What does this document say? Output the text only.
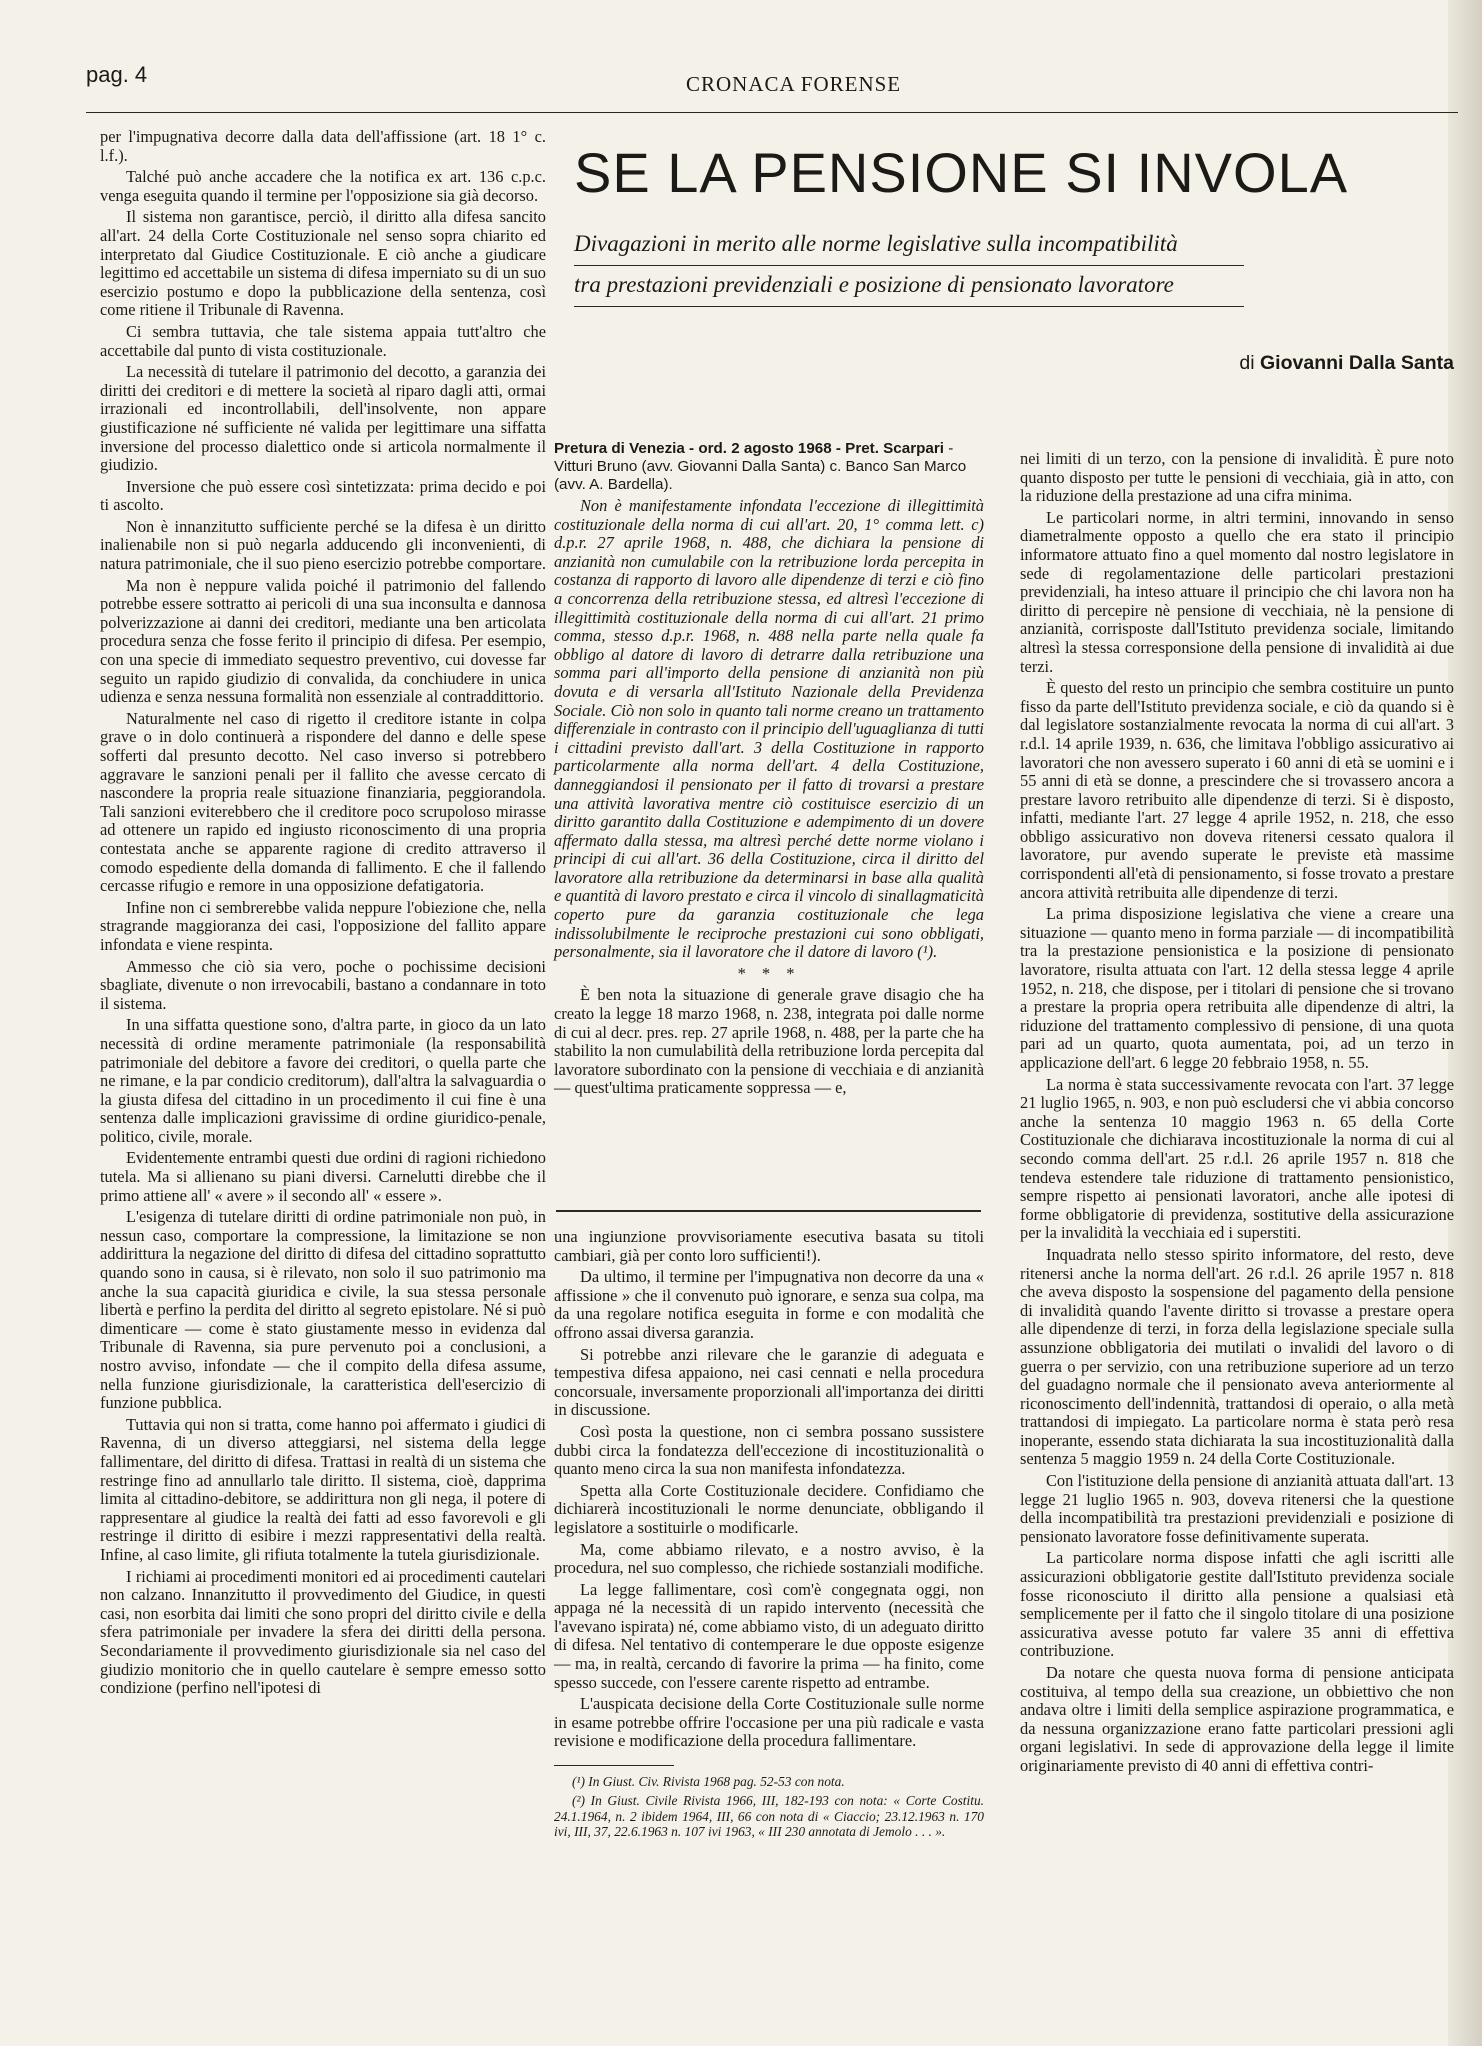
pag. 4	CRONACA FORENSE
SE LA PENSIONE SI INVOLA
Divagazioni in merito alle norme legislative sulla incompatibilità
tra prestazioni previdenziali e posizione di pensionato lavoratore
di Giovanni Dalla Santa

per l'impugnativa decorre dalla data dell'affissione (art. 18 1° c. l.f.).

Talché può anche accadere che la notifica ex art. 136 c.p.c. venga eseguita quando il termine per l'opposizione sia già decorso.

Il sistema non garantisce, perciò, il diritto alla difesa sancito all'art. 24 della Corte Costituzionale nel senso sopra chiarito ed interpretato dal Giudice Costituzionale. E ciò anche a giudicare legittimo ed accettabile un sistema di difesa imperniato su di un suo esercizio postumo e dopo la pubblicazione della sentenza, così come ritiene il Tribunale di Ravenna.

Ci sembra tuttavia, che tale sistema appaia tutt'altro che accettabile dal punto di vista costituzionale.

La necessità di tutelare il patrimonio del decotto, a garanzia dei diritti dei creditori e di mettere la società al riparo dagli atti, ormai irrazionali ed incontrollabili, dell'insolvente, non appare giustificazione né sufficiente né valida per legittimare una siffatta inversione del processo dialettico onde si articola normalmente il giudizio.

Inversione che può essere così sintetizzata: prima decido e poi ti ascolto.

Non è innanzitutto sufficiente perché se la difesa è un diritto inalienabile non si può negarla adducendo gli inconvenienti, di natura patrimoniale, che il suo pieno esercizio potrebbe comportare.

Ma non è neppure valida poiché il patrimonio del fallendo potrebbe essere sottratto ai pericoli di una sua inconsulta e dannosa polverizzazione ai danni dei creditori, mediante una ben articolata procedura senza che fosse ferito il principio di difesa. Per esempio, con una specie di immediato sequestro preventivo, cui dovesse far seguito un rapido giudizio di convalida, da conchiudere in unica udienza e senza nessuna formalità non essenziale al contraddittorio.

Naturalmente nel caso di rigetto il creditore istante in colpa grave o in dolo continuerà a rispondere del danno e delle spese sofferti dal presunto decotto. Nel caso inverso si potrebbero aggravare le sanzioni penali per il fallito che avesse cercato di nascondere la propria reale situazione finanziaria, peggiorandola. Tali sanzioni eviterebbero che il creditore poco scrupoloso mirasse ad ottenere un rapido ed ingiusto riconoscimento di una propria contestata anche se apparente ragione di credito attraverso il comodo espediente della domanda di fallimento. E che il fallendo cercasse rifugio e remore in una opposizione defatigatoria.

Infine non ci sembrerebbe valida neppure l'obiezione che, nella stragrande maggioranza dei casi, l'opposizione del fallito appare infondata e viene respinta.

Ammesso che ciò sia vero, poche o pochissime decisioni sbagliate, divenute o non irrevocabili, bastano a condannare in toto il sistema.

In una siffatta questione sono, d'altra parte, in gioco da un lato necessità di ordine meramente patrimoniale (la responsabilità patrimoniale del debitore a favore dei creditori, o quella parte che ne rimane, e la par condicio creditorum), dall'altra la salvaguardia o la giusta difesa del cittadino in un procedimento il cui fine è una sentenza dalle implicazioni gravissime di ordine giuridico-penale, politico, civile, morale.

Evidentemente entrambi questi due ordini di ragioni richiedono tutela. Ma si allienano su piani diversi. Carnelutti direbbe che il primo attiene all' « avere » il secondo all' « essere ».

L'esigenza di tutelare diritti di ordine patrimoniale non può, in nessun caso, comportare la compressione, la limitazione se non addirittura la negazione del diritto di difesa del cittadino soprattutto quando sono in causa, si è rilevato, non solo il suo patrimonio ma anche la sua capacità giuridica e civile, la sua stessa personale libertà e perfino la perdita del diritto al segreto epistolare. Né si può dimenticare — come è stato giustamente messo in evidenza dal Tribunale di Ravenna, sia pure pervenuto poi a conclusioni, a nostro avviso, infondate — che il compito della difesa assume, nella funzione giurisdizionale, la caratteristica dell'esercizio di funzione pubblica.

Tuttavia qui non si tratta, come hanno poi affermato i giudici di Ravenna, di un diverso atteggiarsi, nel sistema della legge fallimentare, del diritto di difesa. Trattasi in realtà di un sistema che restringe fino ad annullarlo tale diritto. Il sistema, cioè, dapprima limita al cittadino-debitore, se addirittura non gli nega, il potere di rappresentare al giudice la realtà dei fatti ad esso favorevoli e gli restringe il diritto di esibire i mezzi rappresentativi della realtà. Infine, al caso limite, gli rifiuta totalmente la tutela giurisdizionale.

I richiami ai procedimenti monitori ed ai procedimenti cautelari non calzano. Innanzitutto il provvedimento del Giudice, in questi casi, non esorbita dai limiti che sono propri del diritto civile e della sfera patrimoniale per invadere la sfera dei diritti della persona. Secondariamente il provvedimento giurisdizionale sia nel caso del giudizio monitorio che in quello cautelare è sempre emesso sotto condizione (perfino nell'ipotesi di

Pretura di Venezia - ord. 2 agosto 1968 - Pret. Scarpari - Vitturi Bruno (avv. Giovanni Dalla Santa) c. Banco San Marco (avv. A. Bardella).

Non è manifestamente infondata l'eccezione di illegittimità costituzionale della norma di cui all'art. 20, 1° comma lett. c) d.p.r. 27 aprile 1968, n. 488, che dichiara la pensione di anzianità non cumulabile con la retribuzione lorda percepita in costanza di rapporto di lavoro alle dipendenze di terzi e ciò fino a concorrenza della retribuzione stessa, ed altresì l'eccezione di illegittimità costituzionale della norma di cui all'art. 21 primo comma, stesso d.p.r. 1968, n. 488 nella parte nella quale fa obbligo al datore di lavoro di detrarre dalla retribuzione una somma pari all'importo della pensione di anzianità non più dovuta e di versarla all'Istituto Nazionale della Previdenza Sociale. Ciò non solo in quanto tali norme creano un trattamento differenziale in contrasto con il principio dell'uguaglianza di tutti i cittadini previsto dall'art. 3 della Costituzione in rapporto particolarmente alla norma dell'art. 4 della Costituzione, danneggiandosi il pensionato per il fatto di trovarsi a prestare una attività lavorativa mentre ciò costituisce esercizio di un diritto garantito dalla Costituzione e adempimento di un dovere affermato dalla stessa, ma altresì perché dette norme violano i principi di cui all'art. 36 della Costituzione, circa il diritto del lavoratore alla retribuzione da determinarsi in base alla qualità e quantità di lavoro prestato e circa il vincolo di sinallagmaticità coperto pure da garanzia costituzionale che lega indissolubilmente le reciproche prestazioni cui sono obbligati, personalmente, sia il lavoratore che il datore di lavoro (¹).

* * *

È ben nota la situazione di generale grave disagio che ha creato la legge 18 marzo 1968, n. 238, integrata poi dalle norme di cui al decr. pres. rep. 27 aprile 1968, n. 488, per la parte che ha stabilito la non cumulabilità della retribuzione lorda percepita dal lavoratore subordinato con la pensione di vecchiaia e di anzianità — quest'ultima praticamente soppressa — e,

una ingiunzione provvisoriamente esecutiva basata su titoli cambiari, già per conto loro sufficienti!).

Da ultimo, il termine per l'impugnativa non decorre da una « affissione » che il convenuto può ignorare, e senza sua colpa, ma da una regolare notifica eseguita in forme e con modalità che offrono assai diversa garanzia.

Si potrebbe anzi rilevare che le garanzie di adeguata e tempestiva difesa appaiono, nei casi cennati e nella procedura concorsuale, inversamente proporzionali all'importanza dei diritti in discussione.

Così posta la questione, non ci sembra possano sussistere dubbi circa la fondatezza dell'eccezione di incostituzionalità o quanto meno circa la sua non manifesta infondatezza.

Spetta alla Corte Costituzionale decidere. Confidiamo che dichiarerà incostituzionali le norme denunciate, obbligando il legislatore a sostituirle o modificarle.

Ma, come abbiamo rilevato, e a nostro avviso, è la procedura, nel suo complesso, che richiede sostanziali modifiche.

La legge fallimentare, così com'è congegnata oggi, non appaga né la necessità di un rapido intervento (necessità che l'avevano ispirata) né, come abbiamo visto, di un adeguato diritto di difesa. Nel tentativo di contemperare le due opposte esigenze — ma, in realtà, cercando di favorire la prima — ha finito, come spesso succede, con l'essere carente rispetto ad entrambe.

L'auspicata decisione della Corte Costituzionale sulle norme in esame potrebbe offrire l'occasione per una più radicale e vasta revisione e modificazione della procedura fallimentare.

(¹) In Giust. Civ. Rivista 1968 pag. 52-53 con nota.

(²) In Giust. Civile Rivista 1966, III, 182-193 con nota: « Corte Costitu. 24.1.1964, n. 2 ibidem 1964, III, 66 con nota di « Ciaccio; 23.12.1963 n. 170 ivi, III, 37, 22.6.1963 n. 107 ivi 1963, « III 230 annotata di Jemolo . . . ».

nei limiti di un terzo, con la pensione di invalidità. È pure noto quanto disposto per tutte le pensioni di vecchiaia, già in atto, con la riduzione della prestazione ad una cifra minima.

Le particolari norme, in altri termini, innovando in senso diametralmente opposto a quello che era stato il principio informatore attuato fino a quel momento dal nostro legislatore in sede di regolamentazione delle particolari prestazioni previdenziali, ha inteso attuare il principio che chi lavora non ha diritto di percepire nè pensione di vecchiaia, nè la pensione di anzianità, corrisposte dall'Istituto previdenza sociale, limitando altresì la stessa corresponsione della pensione di invalidità ai due terzi.

È questo del resto un principio che sembra costituire un punto fisso da parte dell'Istituto previdenza sociale, e ciò da quando si è dal legislatore sostanzialmente revocata la norma di cui all'art. 3 r.d.l. 14 aprile 1939, n. 636, che limitava l'obbligo assicurativo ai lavoratori che non avessero superato i 60 anni di età se uomini e i 55 anni di età se donne, a prescindere che si trovassero ancora a prestare lavoro retribuito alle dipendenze di terzi. Si è disposto, infatti, mediante l'art. 27 legge 4 aprile 1952, n. 218, che esso obbligo assicurativo non doveva ritenersi cessato qualora il lavoratore, pur avendo superate le previste età massime corrispondenti all'età di pensionamento, si fosse trovato a prestare ancora attività retribuita alle dipendenze di terzi.

La prima disposizione legislativa che viene a creare una situazione — quanto meno in forma parziale — di incompatibilità tra la prestazione pensionistica e la posizione di pensionato lavoratore, risulta attuata con l'art. 12 della stessa legge 4 aprile 1952, n. 218, che dispose, per i titolari di pensione che si trovano a prestare la propria opera retribuita alle dipendenze di altri, la riduzione del trattamento complessivo di pensione, di una quota pari ad un quarto, quota aumentata, poi, ad un terzo in applicazione dell'art. 6 legge 20 febbraio 1958, n. 55.

La norma è stata successivamente revocata con l'art. 37 legge 21 luglio 1965, n. 903, e non può escludersi che vi abbia concorso anche la sentenza 10 maggio 1963 n. 65 della Corte Costituzionale che dichiarava incostituzionale la norma di cui al secondo comma dell'art. 25 r.d.l. 26 aprile 1957 n. 818 che tendeva estendere tale riduzione di trattamento pensionistico, sempre rispetto ai pensionati lavoratori, anche alle ipotesi di forme obbligatorie di previdenza, sostitutive della assicurazione per la invalidità la vecchiaia ed i superstiti.

Inquadrata nello stesso spirito informatore, del resto, deve ritenersi anche la norma dell'art. 26 r.d.l. 26 aprile 1957 n. 818 che aveva disposto la sospensione del pagamento della pensione di invalidità quando l'avente diritto si trovasse a prestare opera alle dipendenze di terzi, in forza della legislazione speciale sulla assunzione obbligatoria dei mutilati o invalidi del lavoro o di guerra o per servizio, con una retribuzione superiore ad un terzo del guadagno normale che il pensionato aveva anteriormente al riconoscimento dell'indennità, trattandosi di operaio, o alla metà trattandosi di impiegato. La particolare norma è stata però resa inoperante, essendo stata dichiarata la sua incostituzionalità dalla sentenza 5 maggio 1959 n. 24 della Corte Costituzionale.

Con l'istituzione della pensione di anzianità attuata dall'art. 13 legge 21 luglio 1965 n. 903, doveva ritenersi che la questione della incompatibilità tra prestazioni previdenziali e posizione di pensionato lavoratore fosse definitivamente superata.

La particolare norma dispose infatti che agli iscritti alle assicurazioni obbligatorie gestite dall'Istituto previdenza sociale fosse riconosciuto il diritto alla pensione a qualsiasi età semplicemente per il fatto che il singolo titolare di una posizione assicurativa avesse potuto far valere 35 anni di effettiva contribuzione.

Da notare che questa nuova forma di pensione anticipata costituiva, al tempo della sua creazione, un obbiettivo che non andava oltre i limiti della semplice aspirazione programmatica, e da nessuna organizzazione erano fatte particolari pressioni agli organi legislativi. In sede di approvazione della legge il limite originariamente previsto di 40 anni di effettiva contri-
